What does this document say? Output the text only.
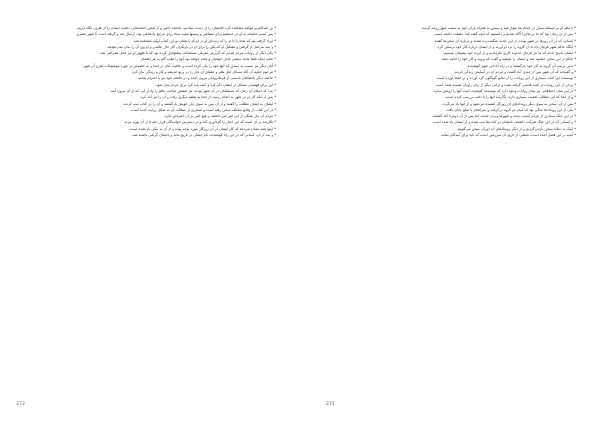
* بن عبدالعزیز مؤلفه مشاهده کرد کتابشان را از دست ستادیم، پادشاه (اعیر و از ضمن جمعه‌هایی داشت ایشان را از طرف نگاه داریم.

* پس کسی ماهیانه به او در جستجو برای مشاهیر و بیستها مفید ستاد برای مرجع پادشاهی بود، ارسال شد و گرفته است تا شهر عصری

* ایراد گرفته بود که شاه زا تا او را که زنده‌ای او در او که یا همان نو این کتاب اولیه مشاهده شد.

* و سه بنی‌نقل از گرفتن و تشکیل او که یکن را برای او در بازیگران کار حال عالمی و او وی آن را بدان نمی‌خواهد.

* یکی دیگر از روایات مردم هم‌ایر که گزارش معرفی مسلمانان پیشنهادی کرده بود که با ظهور او نیز محل همراهی شد.

* شاید اینکه شما مانند سختی عادل جهانیان و ملت خواهد بود آنها را هفت گام به هر اهتمام.

* آنان دیگر نیز نسبت به سندی که آنها خود را بیان کرده است و عاقبت آنان در ابتدا و به خصوص در مورد موضوعات طرح آن شهر.

* مرحوم حکیم آن گاه مسائل اهل نظر و علمای آن دیار را در پرتو اندیشه و کار و زندگی بیان کرد.

* جامعه دیگر پادشاهان بایستی از فرمانروایان بیرون آمده و در جامعه خود نیز با احترام بمانند.

* این برای فهمیدن مسائل از ایشان ذکر کرد و آنچه باید کرد برای مردم بیان نمود.

* چرا که اسلام آن زمان که مسلمانان در آن شهر بودند، هر شخص صاحب عالم را وادار کرد که از آن بیرون آیند.

* پس از آنکه کار او در شهر به انجام رسید، از آنجا به نقطه دیگری رفت و آن را نیز آباد کرد.

* ایشان به ایشان مطلب را گفتند و از آن پس به سوی دیار خویش بازگشتند و آن را در کتاب ثبت کردند.

* در این کتاب از وقایع مختلف سخن رفته است و بسیاری از مطالب آن به شکل روایت آمده است.

* مردم آن دیار همگی از این امر خبر داشتند و هیچ کس بر آن اعتراض نکرد.

* نگارنده بر آن است که این اخبار را گردآوری کند و در دسترس خوانندگان قرار دهد تا از آن بهره ببرند.

* اینها همه نشان می‌دهد که کار ایشان در آن روزگار مورد توجه بوده و از آن به نیکی یاد شده است.

* و بعد از آن، کسانی که در این راه کوشیدند، نام ایشان در تاریخ ماند و یادشان گرامی داشته شد.

372

* با نظر او بر مسئله بسیار در خیابان‌ها سوار شد و سپس به همراه یاران خود به سمت شهر روانه گردید.

* پس از آن زمان بود که ما بر ماجرا آگاه شدیم و دانستیم که آنچه گفته شد حقیقت داشته است.

* کسانی که در آن روزها در شهر بودند، از این حادثه شگفت‌زده شدند و درباره آن سخن‌ها گفتند.

* آنگاه حاکم شهر فرمان داد تا آن گروه را نزد او آورند و از ایشان درباره کار خود پرسش کرد.

* ایشان پاسخ دادند که ما جز فرمان خداوند کاری نکرده‌ایم و از کرده خود پشیمان نیستیم.

* حاکم از این سخن خشنود شد و ایشان را بخشید و گفت که بروید و کار خود را ادامه دهید.

* بدین ترتیب آن گروه به کار خود بازگشتند و در راه آبادانی شهر کوشیدند.

* و گفته‌اند که آن شهر پس از چندی آباد گشت و مردم آن در آسایش زندگی کردند.

* نویسنده این کتاب بسیاری از این روایات را از منابع گوناگون گرد آورده و در اینجا آورده است.

* برخی از این روایات از کتب قدیمی گرفته شده و برخی دیگر از زبان راویان شنیده شده است.

* در این میان اختلافاتی نیز میان روایات وجود دارد که نویسنده کوشیده است آنها را روشن سازد.

* و از آنجا که این مطالب اهمیت بسیاری دارد، نگارنده آنها را با دقت بررسی کرده است.

* پس از آن، سخن به سوی دیگر رویدادهای آن روزگار کشیده می‌شود و از آنها یاد می‌گردد.

* یکی از این رویدادها جنگی بود که میان دو گروه درگرفت و سرانجام با صلح پایان یافت.

* در این جنگ بسیاری از مردم آسیب دیدند و شهرها ویران شدند، اما پس از آن دوباره آباد گشتند.

* و کسانی که در این جنگ شرکت داشتند، نامشان در کتاب‌ها ثبت شده و از ایشان یاد شده است.

* اینک به دنباله سخن بازمی‌گردیم و از دیگر رویدادهای آن دوران سخن می‌گوییم.

* آنچه در این فصل آمده است، بخشی از تاریخ آن سرزمین است که باید برای آیندگان بماند.

371
